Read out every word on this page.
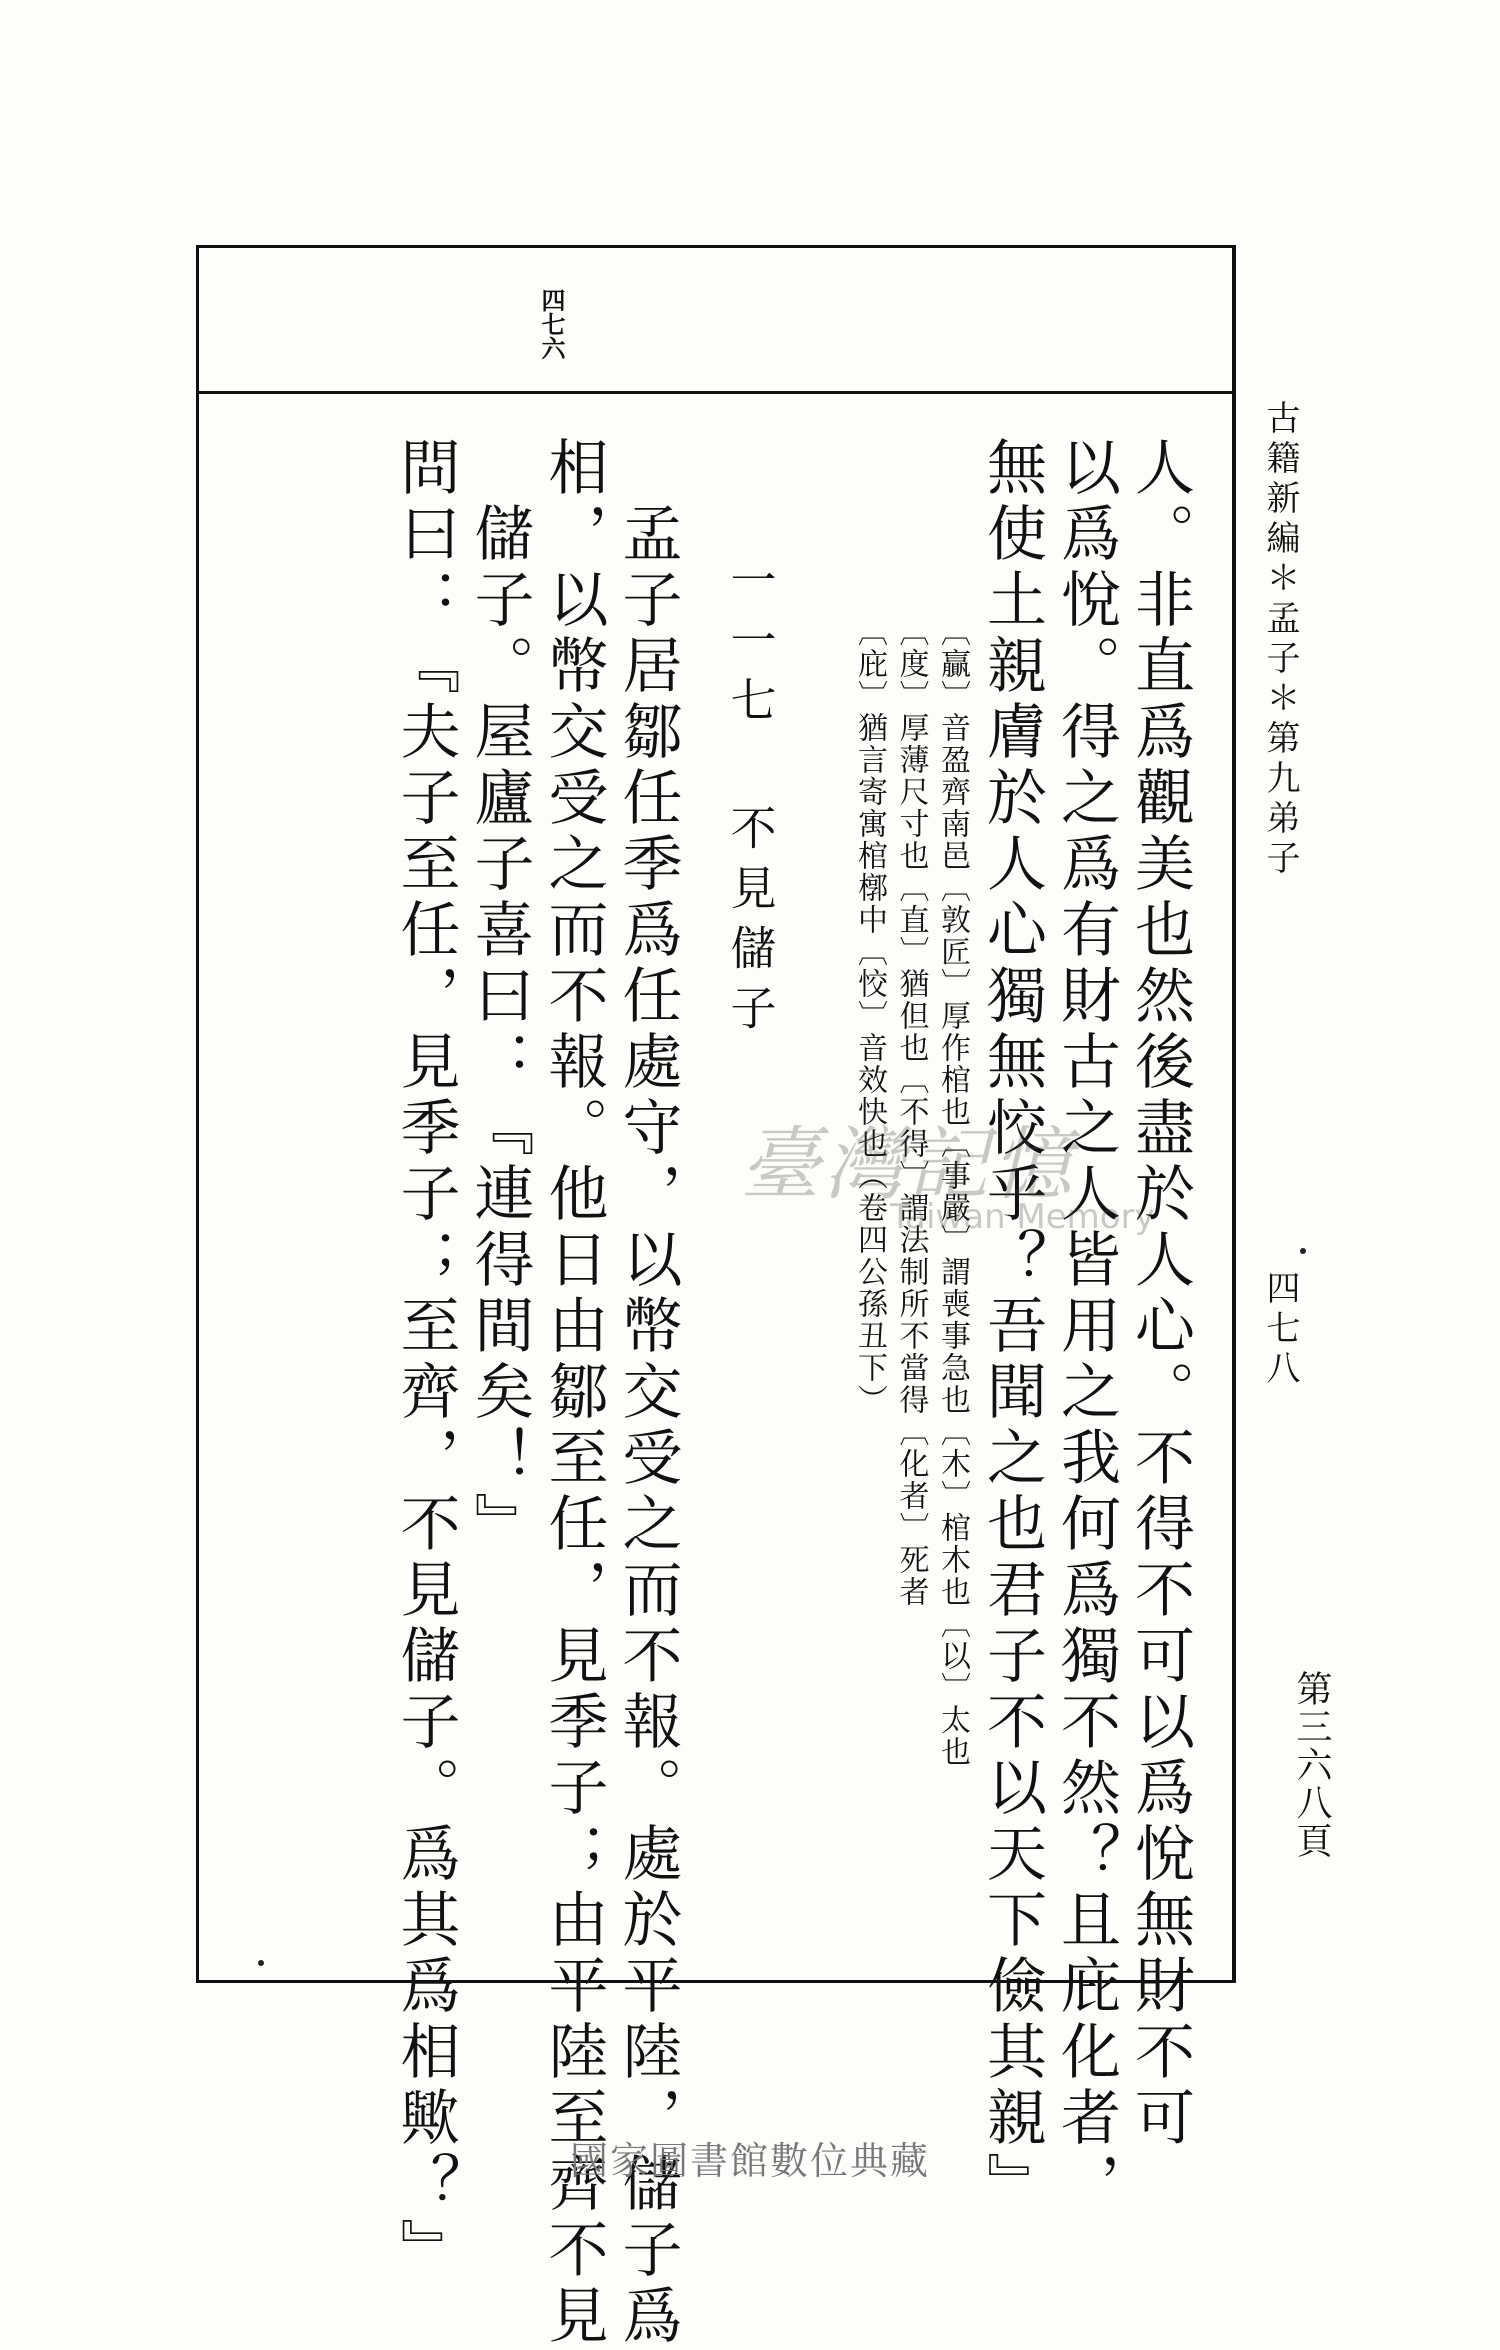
四七六
人。非直爲觀美也然後盡於人心。不得不可以爲悅無財不可
以爲悅。得之爲有財古之人皆用之我何爲獨不然？且庇化者，
無使土親膚於人心獨無恔乎？吾聞之也君子不以天下儉其親』
〔贏〕音盈齊南邑〔敦匠〕厚作棺也〔事嚴〕謂喪事急也〔木〕棺木也〔以〕太也
〔度〕厚薄尺寸也〔直〕猶但也〔不得〕謂法制所不當得〔化者〕死者
〔庇〕猶言寄寓棺槨中〔恔〕音效快也（卷四公孫丑下）
一一七 不見儲子
孟子居鄒任季爲任處守，以幣交受之而不報。處於平陸，儲子爲
相，以幣交受之而不報。他日由鄒至任，見季子；由平陸至齊不見
儲子。屋廬子喜曰：『連得間矣！』
問曰：『夫子至任，見季子；至齊，不見儲子。爲其爲相歟？』	古籍新編＊孟子＊第九弟子
四七八
第三六八頁
臺灣記憶
Taiwan Memory
國家圖書館數位典藏
